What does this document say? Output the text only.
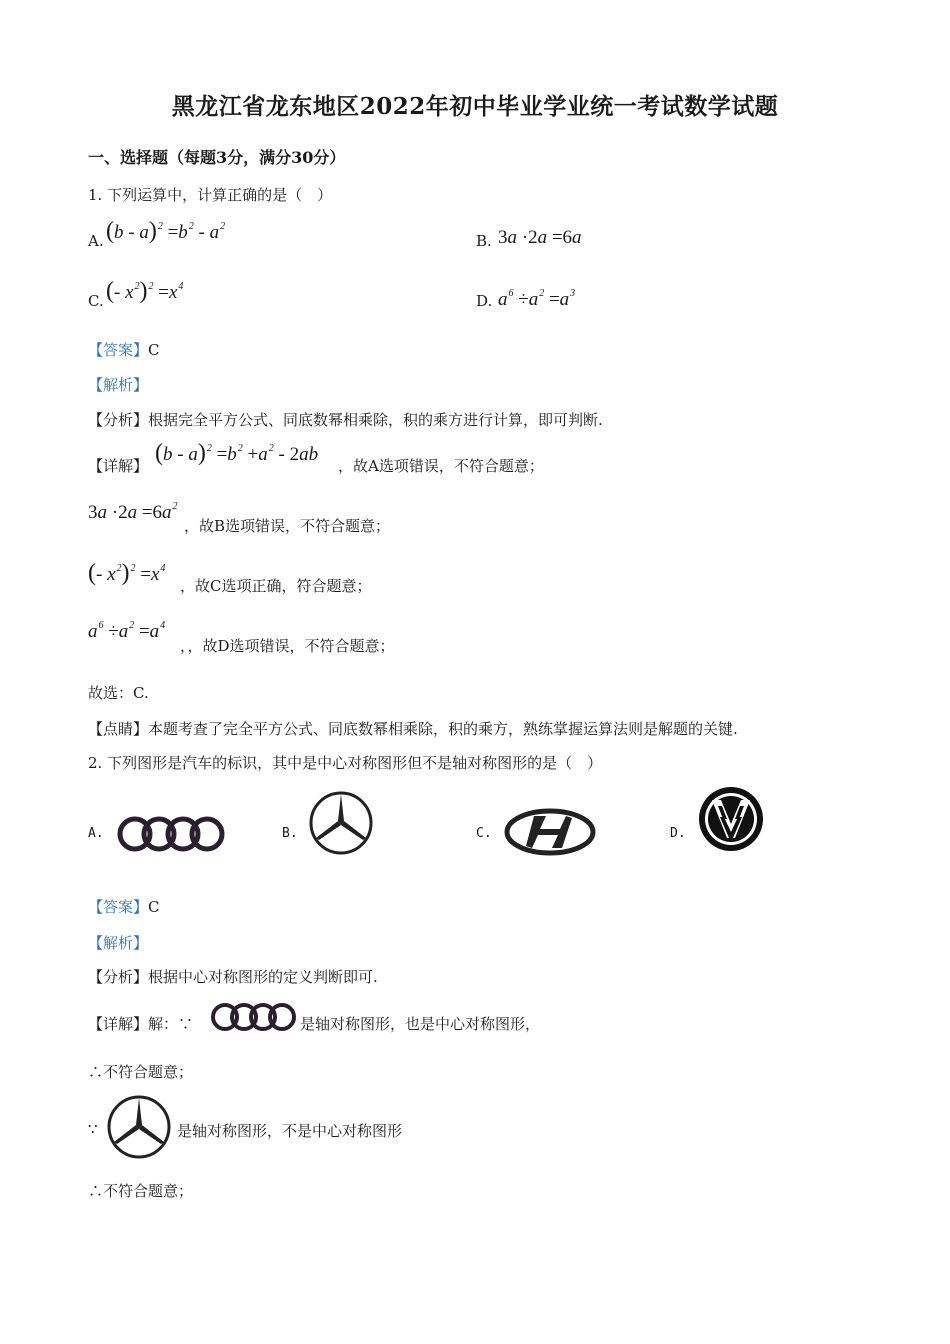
黑龙江省龙东地区2022年初中毕业学业统一考试数学试题
一、选择题（每题3分，满分30分）
1. 下列运算中，计算正确的是（　）
A. $(b - a)^2 =b^2 - a^2$
B. 3a ·2a =6a
C. (- $x^2)^2 =x^4$
D. $a^6 \div a^2 =a^3$
【答案】C
【解析】
【分析】根据完全平方公式、同底数幂相乘除，积的乘方进行计算，即可判断.
【详解】 $(b - a)^2 =b^2 +a^2 - 2ab$
，故A选项错误，不符合题意；
$3a \cdot 2a =6a^2$
，故B选项错误，不符合题意；
(- $x^2)^2 =x^4$
，故C选项正确，符合题意；
$a^6 \div a^2 =a^4$
，，故D选项错误，不符合题意；
故选：C.
【点睛】本题考查了完全平方公式、同底数幂相乘除，积的乘方，熟练掌握运算法则是解题的关键.
2. 下列图形是汽车的标识，其中是中心对称图形但不是轴对称图形的是（　）
A.	B.	C.	D.
【答案】C
【解析】
【分析】根据中心对称图形的定义判断即可.
【详解】解：∵	是轴对称图形，也是中心对称图形，
∴不符合题意；
∵	是轴对称图形，不是中心对称图形
∴不符合题意；
